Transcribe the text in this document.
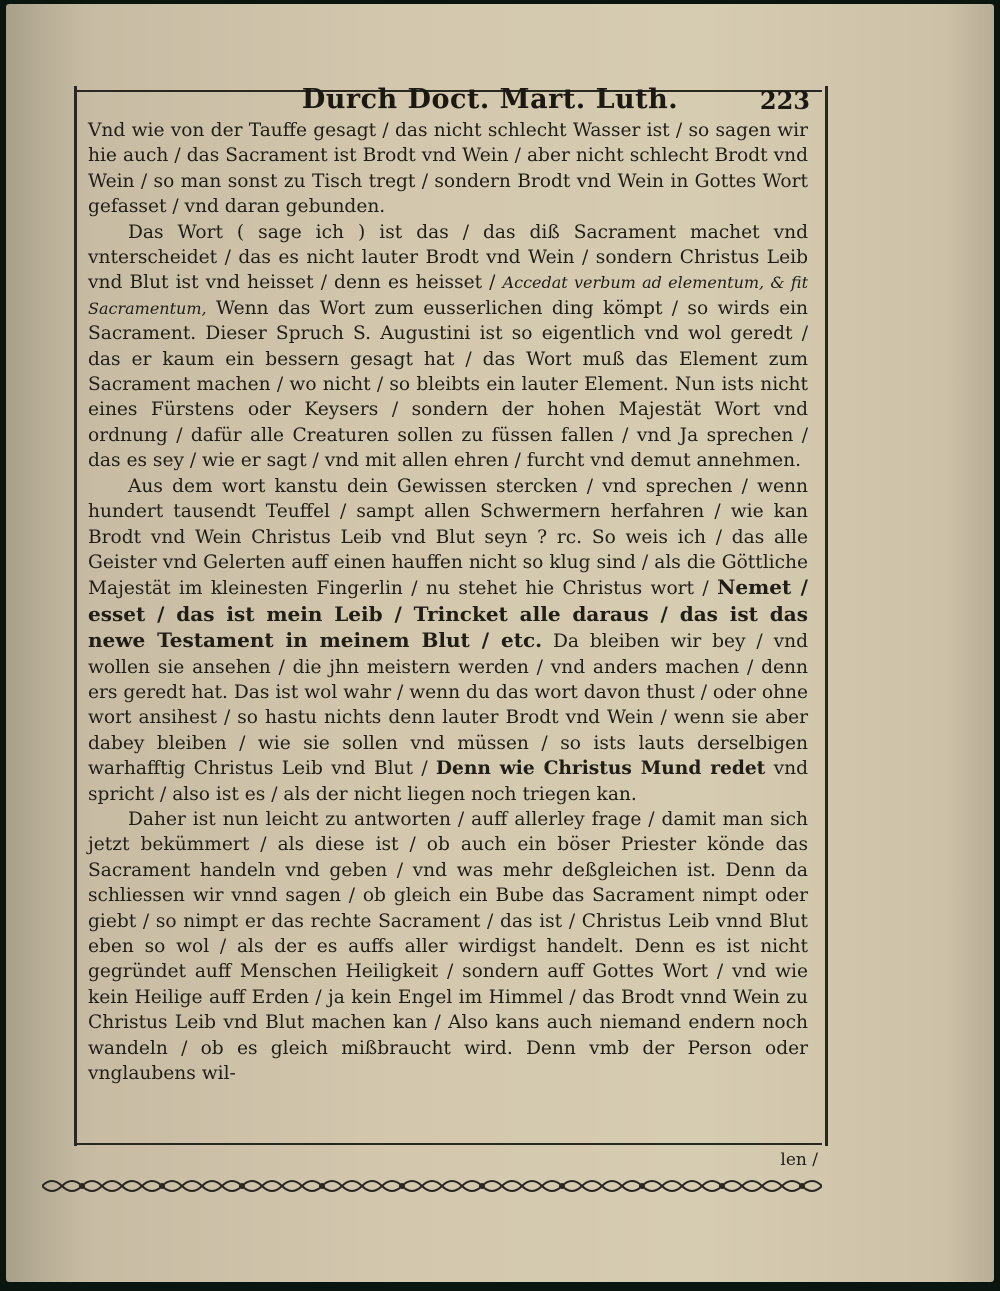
Durch Doct. Mart. Luth.	223

Vnd wie von der Tauffe gesagt / das nicht schlecht Wasser ist / so sagen wir hie auch / das Sacrament ist Brodt vnd Wein / aber nicht schlecht Brodt vnd Wein / so man sonst zu Tisch tregt / sondern Brodt vnd Wein in Gottes Wort gefasset / vnd daran gebunden.

Das Wort ( sage ich ) ist das / das diß Sacrament machet vnd vnterscheidet / das es nicht lauter Brodt vnd Wein / sondern Christus Leib vnd Blut ist vnd heisset / denn es heisset / Accedat verbum ad elementum, & fit Sacramentum, Wenn das Wort zum eusserlichen ding kömpt / so wirds ein Sacrament. Dieser Spruch S. Augustini ist so eigentlich vnd wol geredt / das er kaum ein bessern gesagt hat / das Wort muß das Element zum Sacrament machen / wo nicht / so bleibts ein lauter Element. Nun ists nicht eines Fürstens oder Keysers / sondern der hohen Majestät Wort vnd ordnung / dafür alle Creaturen sollen zu füssen fallen / vnd Ja sprechen / das es sey / wie er sagt / vnd mit allen ehren / furcht vnd demut annehmen.

Aus dem wort kanstu dein Gewissen stercken / vnd sprechen / wenn hundert tausendt Teuffel / sampt allen Schwermern herfahren / wie kan Brodt vnd Wein Christus Leib vnd Blut seyn ? rc. So weis ich / das alle Geister vnd Gelerten auff einen hauffen nicht so klug sind / als die Göttliche Majestät im kleinesten Fingerlin / nu stehet hie Christus wort / Nemet / esset / das ist mein Leib / Trincket alle daraus / das ist das newe Testament in meinem Blut / etc. Da bleiben wir bey / vnd wollen sie ansehen / die jhn meistern werden / vnd anders machen / denn ers geredt hat. Das ist wol wahr / wenn du das wort davon thust / oder ohne wort ansihest / so hastu nichts denn lauter Brodt vnd Wein / wenn sie aber dabey bleiben / wie sie sollen vnd müssen / so ists lauts derselbigen warhafftig Christus Leib vnd Blut / Denn wie Christus Mund redet vnd spricht / also ist es / als der nicht liegen noch triegen kan.

Daher ist nun leicht zu antworten / auff allerley frage / damit man sich jetzt bekümmert / als diese ist / ob auch ein böser Priester könde das Sacrament handeln vnd geben / vnd was mehr deßgleichen ist. Denn da schliessen wir vnnd sagen / ob gleich ein Bube das Sacrament nimpt oder giebt / so nimpt er das rechte Sacrament / das ist / Christus Leib vnnd Blut eben so wol / als der es auffs aller wirdigst handelt. Denn es ist nicht gegründet auff Menschen Heiligkeit / sondern auff Gottes Wort / vnd wie kein Heilige auff Erden / ja kein Engel im Himmel / das Brodt vnnd Wein zu Christus Leib vnd Blut machen kan / Also kans auch niemand endern noch wandeln / ob es gleich mißbraucht wird. Denn vmb der Person oder vnglaubens wil-

len /
